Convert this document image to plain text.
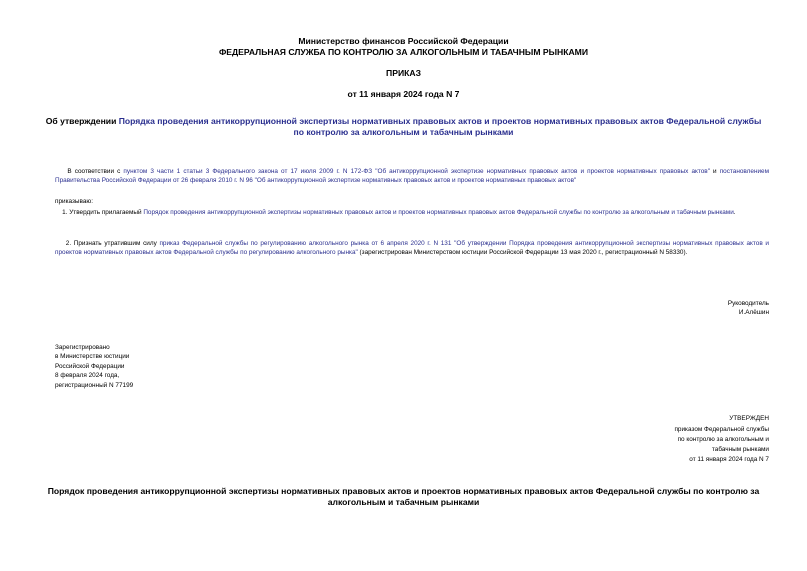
Министерство финансов Российской Федерации
ФЕДЕРАЛЬНАЯ СЛУЖБА ПО КОНТРОЛЮ ЗА АЛКОГОЛЬНЫМ И ТАБАЧНЫМ РЫНКАМИ
ПРИКАЗ
от 11 января 2024 года N 7
Об утверждении Порядка проведения антикоррупционной экспертизы нормативных правовых актов и проектов нормативных правовых актов Федеральной службы по контролю за алкогольным и табачным рынками
В соответствии с пунктом 3 части 1 статьи 3 Федерального закона от 17 июля 2009 г. N 172-ФЗ "Об антикоррупционной экспертизе нормативных правовых актов и проектов нормативных правовых актов" и постановлением Правительства Российской Федерации от 26 февраля 2010 г. N 96 "Об антикоррупционной экспертизе нормативных правовых актов и проектов нормативных правовых актов"
приказываю:
1. Утвердить прилагаемый Порядок проведения антикоррупционной экспертизы нормативных правовых актов и проектов нормативных правовых актов Федеральной службы по контролю за алкогольным и табачным рынками.
2. Признать утратившим силу приказ Федеральной службы по регулированию алкогольного рынка от 6 апреля 2020 г. N 131 "Об утверждении Порядка проведения антикоррупционной экспертизы нормативных правовых актов и проектов нормативных правовых актов Федеральной службы по регулированию алкогольного рынка" (зарегистрирован Министерством юстиции Российской Федерации 13 мая 2020 г., регистрационный N 58330).
Руководитель
И.Алёшин
Зарегистрировано
в Министерстве юстиции
Российской Федерации
8 февраля 2024 года,
регистрационный N 77199
УТВЕРЖДЕН
приказом Федеральной службы
по контролю за алкогольным и
табачным рынками
от 11 января 2024 года N 7
Порядок проведения антикоррупционной экспертизы нормативных правовых актов и проектов нормативных правовых актов Федеральной службы по контролю за алкогольным и табачным рынками
